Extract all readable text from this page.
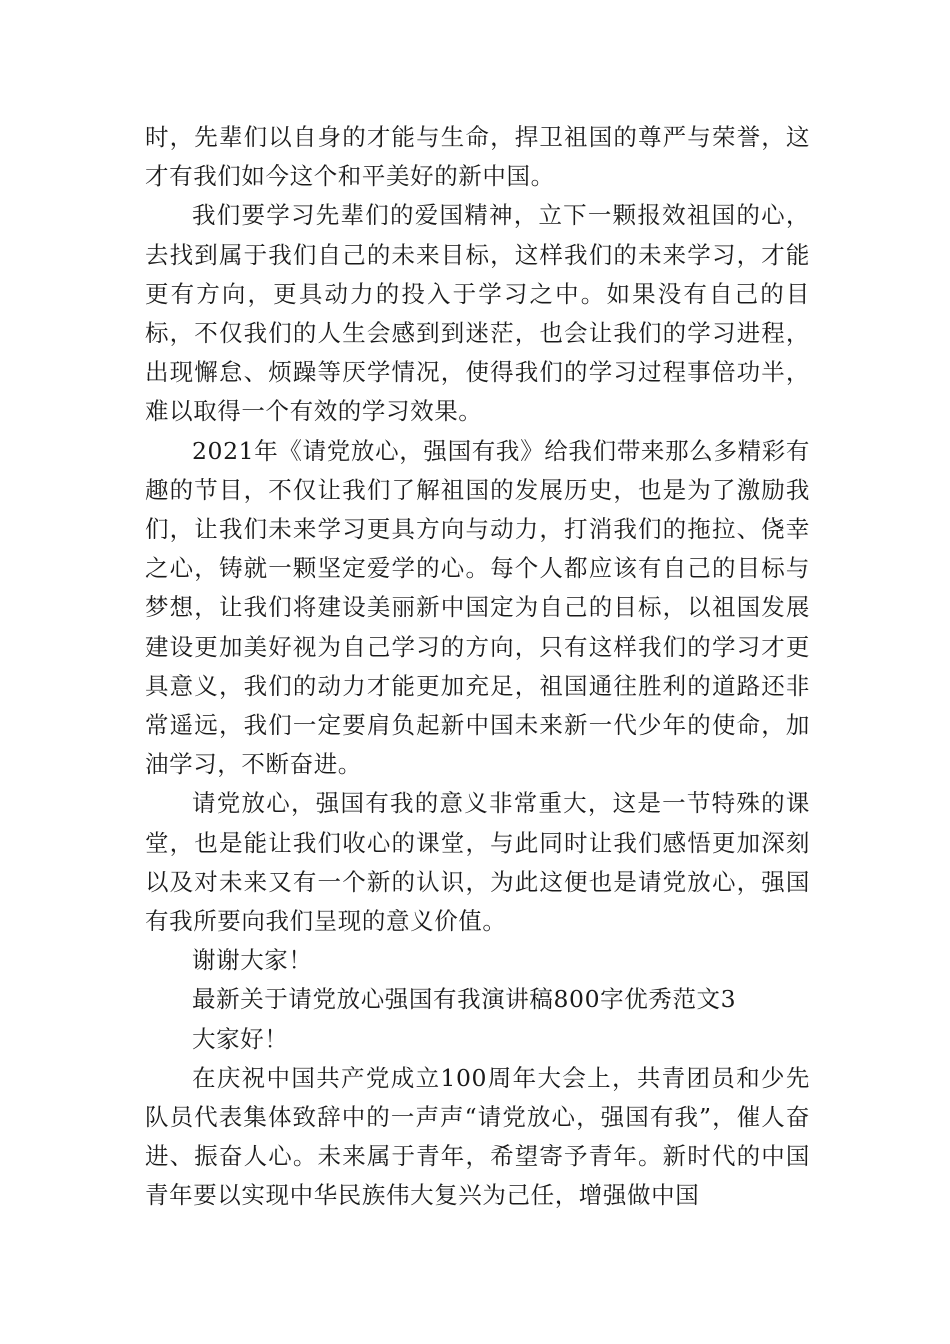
时，先辈们以自身的才能与生命，捍卫祖国的尊严与荣誉，这才有我们如今这个和平美好的新中国。

我们要学习先辈们的爱国精神，立下一颗报效祖国的心，去找到属于我们自己的未来目标，这样我们的未来学习，才能更有方向，更具动力的投入于学习之中。如果没有自己的目标，不仅我们的人生会感到到迷茫，也会让我们的学习进程，出现懈怠、烦躁等厌学情况，使得我们的学习过程事倍功半，难以取得一个有效的学习效果。

2021年《请党放心，强国有我》给我们带来那么多精彩有趣的节目，不仅让我们了解祖国的发展历史，也是为了激励我们，让我们未来学习更具方向与动力，打消我们的拖拉、侥幸之心，铸就一颗坚定爱学的心。每个人都应该有自己的目标与梦想，让我们将建设美丽新中国定为自己的目标，以祖国发展建设更加美好视为自己学习的方向，只有这样我们的学习才更具意义，我们的动力才能更加充足，祖国通往胜利的道路还非常遥远，我们一定要肩负起新中国未来新一代少年的使命，加油学习，不断奋进。

请党放心，强国有我的意义非常重大，这是一节特殊的课堂，也是能让我们收心的课堂，与此同时让我们感悟更加深刻以及对未来又有一个新的认识，为此这便也是请党放心，强国有我所要向我们呈现的意义价值。

谢谢大家！

最新关于请党放心强国有我演讲稿800字优秀范文3

大家好！

在庆祝中国共产党成立100周年大会上，共青团员和少先队员代表集体致辞中的一声声“请党放心，强国有我”，催人奋进、振奋人心。未来属于青年，希望寄予青年。新时代的中国青年要以实现中华民族伟大复兴为己任，增强做中国
